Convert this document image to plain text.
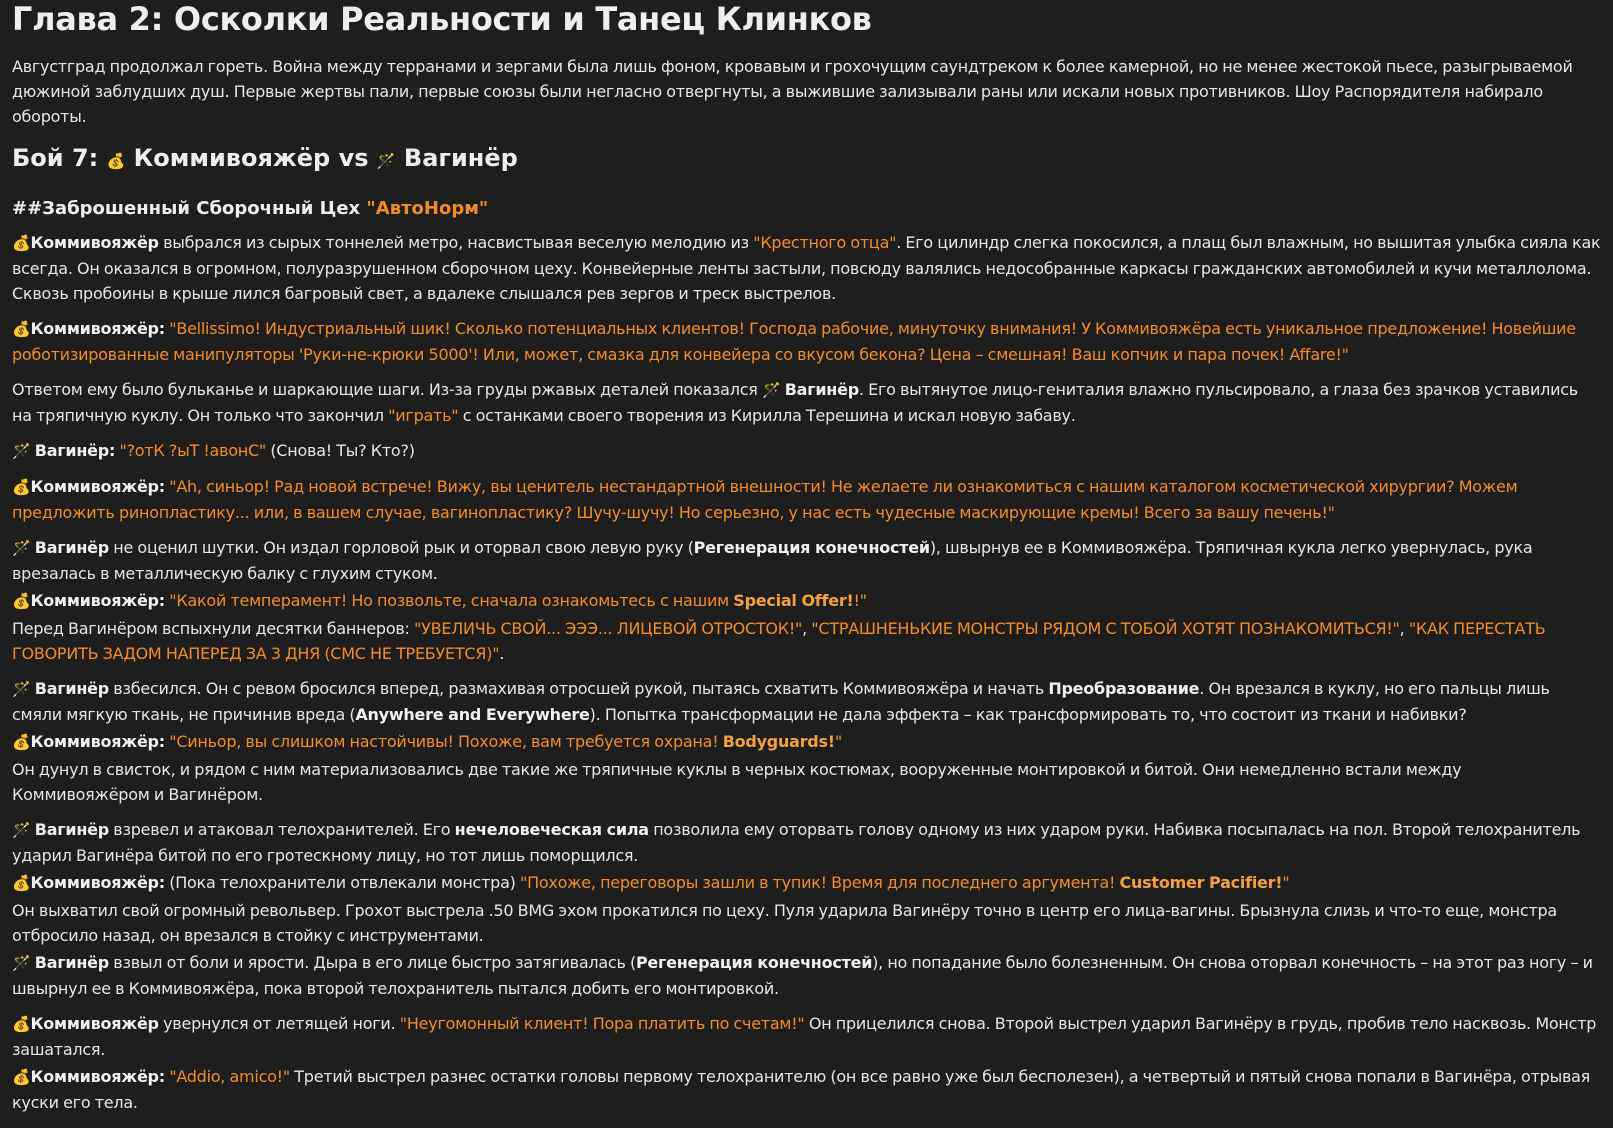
Глава 2: Осколки Реальности и Танец Клинков

Августград продолжал гореть. Война между терранами и зергами была лишь фоном, кровавым и грохочущим саундтреком к более камерной, но не менее жестокой пьесе, разыгрываемой дюжиной заблудших душ. Первые жертвы пали, первые союзы были негласно отвергнуты, а выжившие зализывали раны или искали новых противников. Шоу Распорядителя набирало обороты.

Бой 7: 💰 Коммивояжёр vs 🪄 Вагинёр
##Заброшенный Сборочный Цех "АвтоНорм"

💰Коммивояжёр выбрался из сырых тоннелей метро, насвистывая веселую мелодию из "Крестного отца". Его цилиндр слегка покосился, а плащ был влажным, но вышитая улыбка сияла как всегда. Он оказался в огромном, полуразрушенном сборочном цеху. Конвейерные ленты застыли, повсюду валялись недособранные каркасы гражданских автомобилей и кучи металлолома. Сквозь пробоины в крыше лился багровый свет, а вдалеке слышался рев зергов и треск выстрелов.

💰Коммивояжёр: "Bellissimo! Индустриальный шик! Сколько потенциальных клиентов! Господа рабочие, минуточку внимания! У Коммивояжёра есть уникальное предложение! Новейшие роботизированные манипуляторы 'Руки-не-крюки 5000'! Или, может, смазка для конвейера со вкусом бекона? Цена – смешная! Ваш копчик и пара почек! Affare!"

Ответом ему было бульканье и шаркающие шаги. Из-за груды ржавых деталей показался 🪄 Вагинёр. Его вытянутое лицо-гениталия влажно пульсировало, а глаза без зрачков уставились на тряпичную куклу. Он только что закончил "играть" с останками своего творения из Кирилла Терешина и искал новую забаву.

🪄 Вагинёр: "?отК ?ыТ !авонС" (Снова! Ты? Кто?)

💰Коммивояжёр: "Ah, синьор! Рад новой встрече! Вижу, вы ценитель нестандартной внешности! Не желаете ли ознакомиться с нашим каталогом косметической хирургии? Можем предложить ринопластику... или, в вашем случае, вагинопластику? Шучу-шучу! Но серьезно, у нас есть чудесные маскирующие кремы! Всего за вашу печень!"

🪄 Вагинёр не оценил шутки. Он издал горловой рык и оторвал свою левую руку (Регенерация конечностей), швырнув ее в Коммивояжёра. Тряпичная кукла легко увернулась, рука врезалась в металлическую балку с глухим стуком.

💰Коммивояжёр: "Какой темперамент! Но позвольте, сначала ознакомьтесь с нашим Special Offer!!"

Перед Вагинёром вспыхнули десятки баннеров: "УВЕЛИЧЬ СВОЙ... ЭЭЭ... ЛИЦЕВОЙ ОТРОСТОК!", "СТРАШНЕНЬКИЕ МОНСТРЫ РЯДОМ С ТОБОЙ ХОТЯТ ПОЗНАКОМИТЬСЯ!", "КАК ПЕРЕСТАТЬ ГОВОРИТЬ ЗАДОМ НАПЕРЕД ЗА 3 ДНЯ (СМС НЕ ТРЕБУЕТСЯ)".

🪄 Вагинёр взбесился. Он с ревом бросился вперед, размахивая отросшей рукой, пытаясь схватить Коммивояжёра и начать Преобразование. Он врезался в куклу, но его пальцы лишь смяли мягкую ткань, не причинив вреда (Anywhere and Everywhere). Попытка трансформации не дала эффекта – как трансформировать то, что состоит из ткани и набивки?

💰Коммивояжёр: "Синьор, вы слишком настойчивы! Похоже, вам требуется охрана! Bodyguards!"

Он дунул в свисток, и рядом с ним материализовались две такие же тряпичные куклы в черных костюмах, вооруженные монтировкой и битой. Они немедленно встали между Коммивояжёром и Вагинёром.

🪄 Вагинёр взревел и атаковал телохранителей. Его нечеловеческая сила позволила ему оторвать голову одному из них ударом руки. Набивка посыпалась на пол. Второй телохранитель ударил Вагинёра битой по его гротескному лицу, но тот лишь поморщился.

💰Коммивояжёр: (Пока телохранители отвлекали монстра) "Похоже, переговоры зашли в тупик! Время для последнего аргумента! Customer Pacifier!"

Он выхватил свой огромный револьвер. Грохот выстрела .50 BMG эхом прокатился по цеху. Пуля ударила Вагинёру точно в центр его лица-вагины. Брызнула слизь и что-то еще, монстра отбросило назад, он врезался в стойку с инструментами.

🪄 Вагинёр взвыл от боли и ярости. Дыра в его лице быстро затягивалась (Регенерация конечностей), но попадание было болезненным. Он снова оторвал конечность – на этот раз ногу – и швырнул ее в Коммивояжёра, пока второй телохранитель пытался добить его монтировкой.

💰Коммивояжёр увернулся от летящей ноги. "Неугомонный клиент! Пора платить по счетам!" Он прицелился снова. Второй выстрел ударил Вагинёру в грудь, пробив тело насквозь. Монстр зашатался.

💰Коммивояжёр: "Addio, amico!" Третий выстрел разнес остатки головы первому телохранителю (он все равно уже был бесполезен), а четвертый и пятый снова попали в Вагинёра, отрывая куски его тела.
